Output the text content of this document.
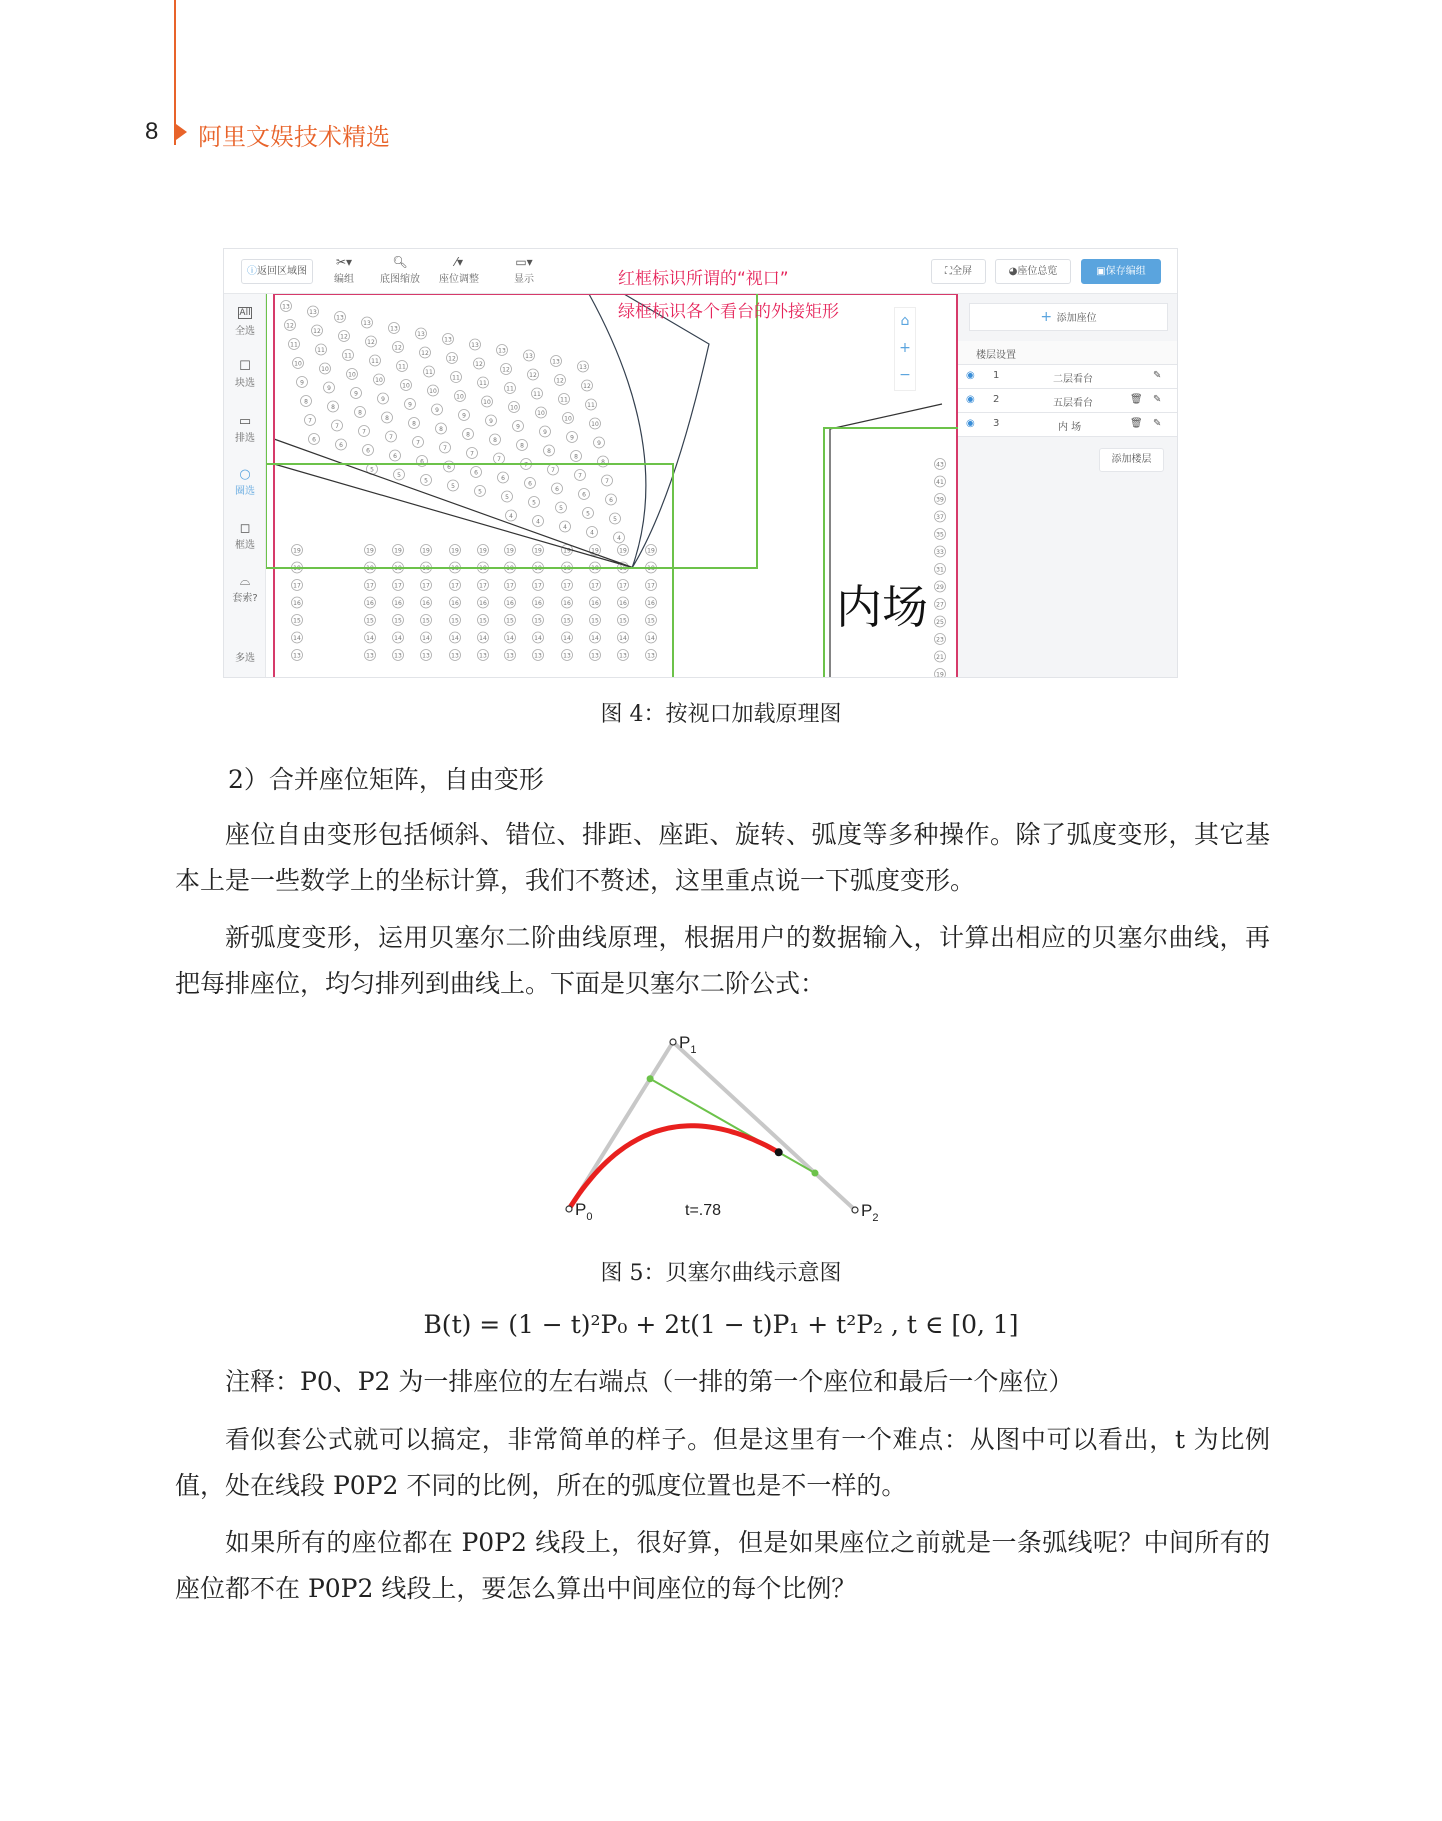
8 阿里文娱技术精选
13
13
13
13
13
13
13
13
13
13
13
13
12
12
12
12
12
12
12
12
12
12
12
12
11
11
11
11
11
11
11
11
11
11
11
11
10
10
10
10
10
10
10
10
10
10
10
10
9
9
9
9
9
9
9
9
9
9
9
9
8
8
8
8
8
8
8
8
8
8
8
8
7
7
7
7
7
7
7
7
7
7
7
7
6
6
6
6
6
6
6
6
6
6
6
6
5
5
5
5
5
5
5
5
5
5
4
4
4
4
4
19	19	19	19	19	19	19	19	19	19	19	19
18	18	18	18	18	18	18	18	18	18	18	18
17	17	17	17	17	17	17	17	17	17	17	17
16	16	16	16	16	16	16	16	16	16	16	16
15	15	15	15	15	15	15	15	15	15	15	15
14	14	14	14	14	14	14	14	14	14	14	14
13	13	13	13	13	13	13	13	13	13	13	13
43
41
39
37
35
33
31
29
27
25
23
21
19
内场
ⓘ返回区域图
✂▾
编组
🔍︎
底图缩放
⁄▾
座位调整
▭▾
显示	红框标识所谓的“视口”
绿框标识各个看台的外接矩形
⛶全屏	◕座位总览	▣保存编组
All
全选
☐
块选
▭
排选
○
圈选
◻
框选
⌓
套索?
多选
⌂
+
−
+ 添加座位
楼层设置
◉ 1	二层看台	✎
◉ 2	五层看台	🗑︎ ✎
◉ 3	内 场	🗑︎ ✎
添加楼层
图 4：按视口加载原理图
2）合并座位矩阵，自由变形
座位自由变形包括倾斜、错位、排距、座距、旋转、弧度等多种操作。除了弧度变形，其它基本上是一些数学上的坐标计算，我们不赘述，这里重点说一下弧度变形。
新弧度变形，运用贝塞尔二阶曲线原理，根据用户的数据输入，计算出相应的贝塞尔曲线，再把每排座位，均匀排列到曲线上。下面是贝塞尔二阶公式：
$P_0$
$P_1$
$P_2$
t=.78
图 5：贝塞尔曲线示意图
B(t) = (1 − t)²P₀ + 2t(1 − t)P₁ + t²P₂ , t ∈ [0, 1]
注释：P0、P2 为一排座位的左右端点（一排的第一个座位和最后一个座位）
看似套公式就可以搞定，非常简单的样子。但是这里有一个难点：从图中可以看出，t 为比例值，处在线段 P0P2 不同的比例，所在的弧度位置也是不一样的。
如果所有的座位都在 P0P2 线段上，很好算，但是如果座位之前就是一条弧线呢？中间所有的座位都不在 P0P2 线段上，要怎么算出中间座位的每个比例？
